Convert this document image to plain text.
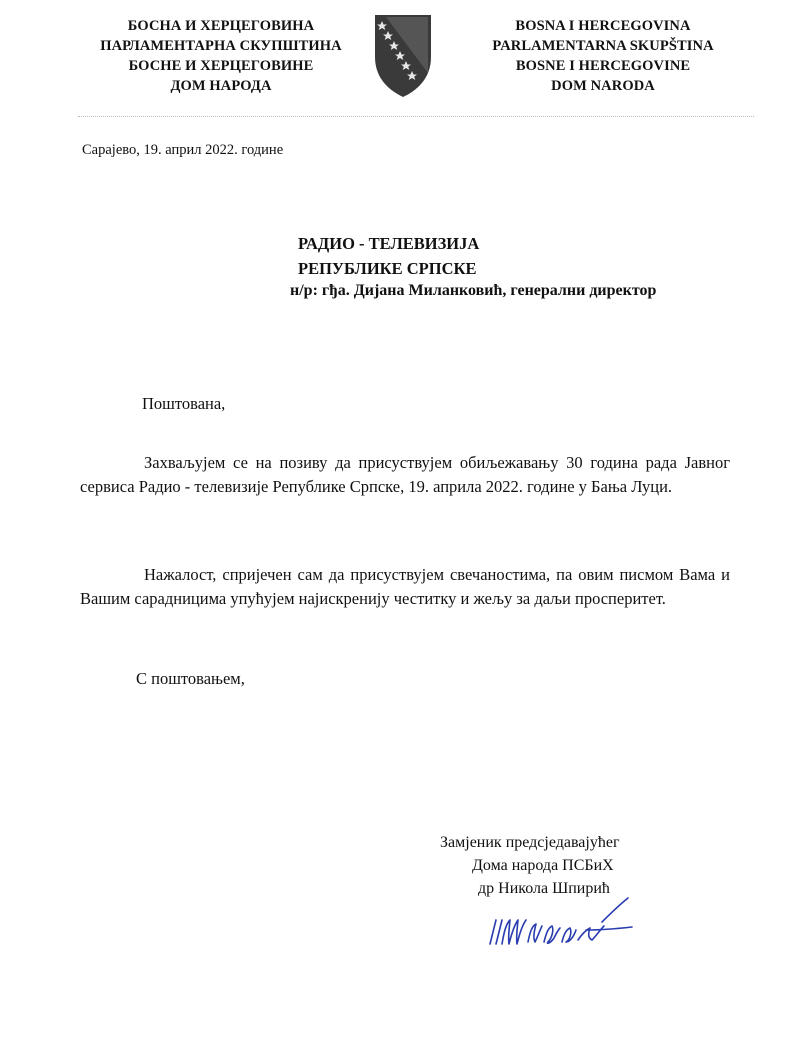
БОСНА И ХЕРЦЕГОВИНА
ПАРЛАМЕНТАРНА СКУПШТИНА
БОСНЕ И ХЕРЦЕГОВИНЕ
ДОМ НАРОДА
BOSNA I HERCEGOVINA
PARLAMENTARNA SKUPŠTINA
BOSNE I HERCEGOVINE
DOM NARODA
Сарајево, 19. април 2022. године
РАДИО - ТЕЛЕВИЗИЈА
РЕПУБЛИКЕ СРПСКЕ
н/р: гђа. Дијана Миланковић, генерални директор
Поштована,
Захваљујем се на позиву да присуствујем обиљежавању 30 година рада Јавног сервиса Радио - телевизије Републике Српске, 19. априла 2022. године у Бања Луци.
Нажалост, спријечен сам да присуствујем свечаностима, па овим писмом Вама и Вашим сарадницима упућујем најискренију честитку и жељу за даљи просперитет.
С поштовањем,
Замјеник предсједавајућег
Дома народа ПСБиХ
др Никола Шпирић
